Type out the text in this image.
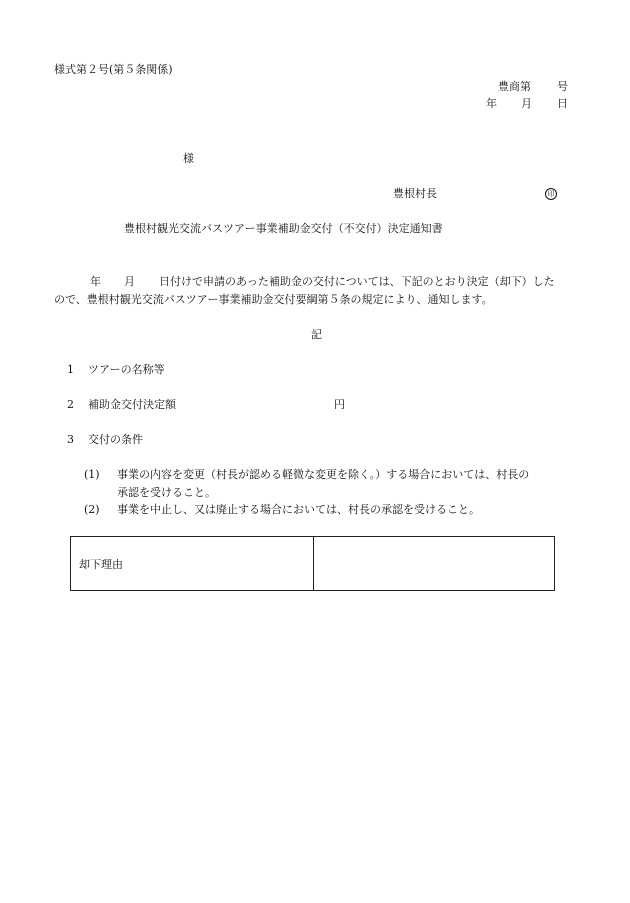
様式第２号(第５条関係)
豊商第 号
年 月 日
様
豊根村長	印
豊根村観光交流バスツアー事業補助金交付（不交付）決定通知書
年 月 日付けで申請のあった補助金の交付については、下記のとおり決定（却下）した
ので、豊根村観光交流バスツアー事業補助金交付要綱第５条の規定により、通知します。
記
1 ツアーの名称等
2 補助金交付決定額	円
3 交付の条件
(1) 事業の内容を変更（村長が認める軽微な変更を除く。）する場合においては、村長の
承認を受けること。
(2) 事業を中止し、又は廃止する場合においては、村長の承認を受けること。
却下理由	
